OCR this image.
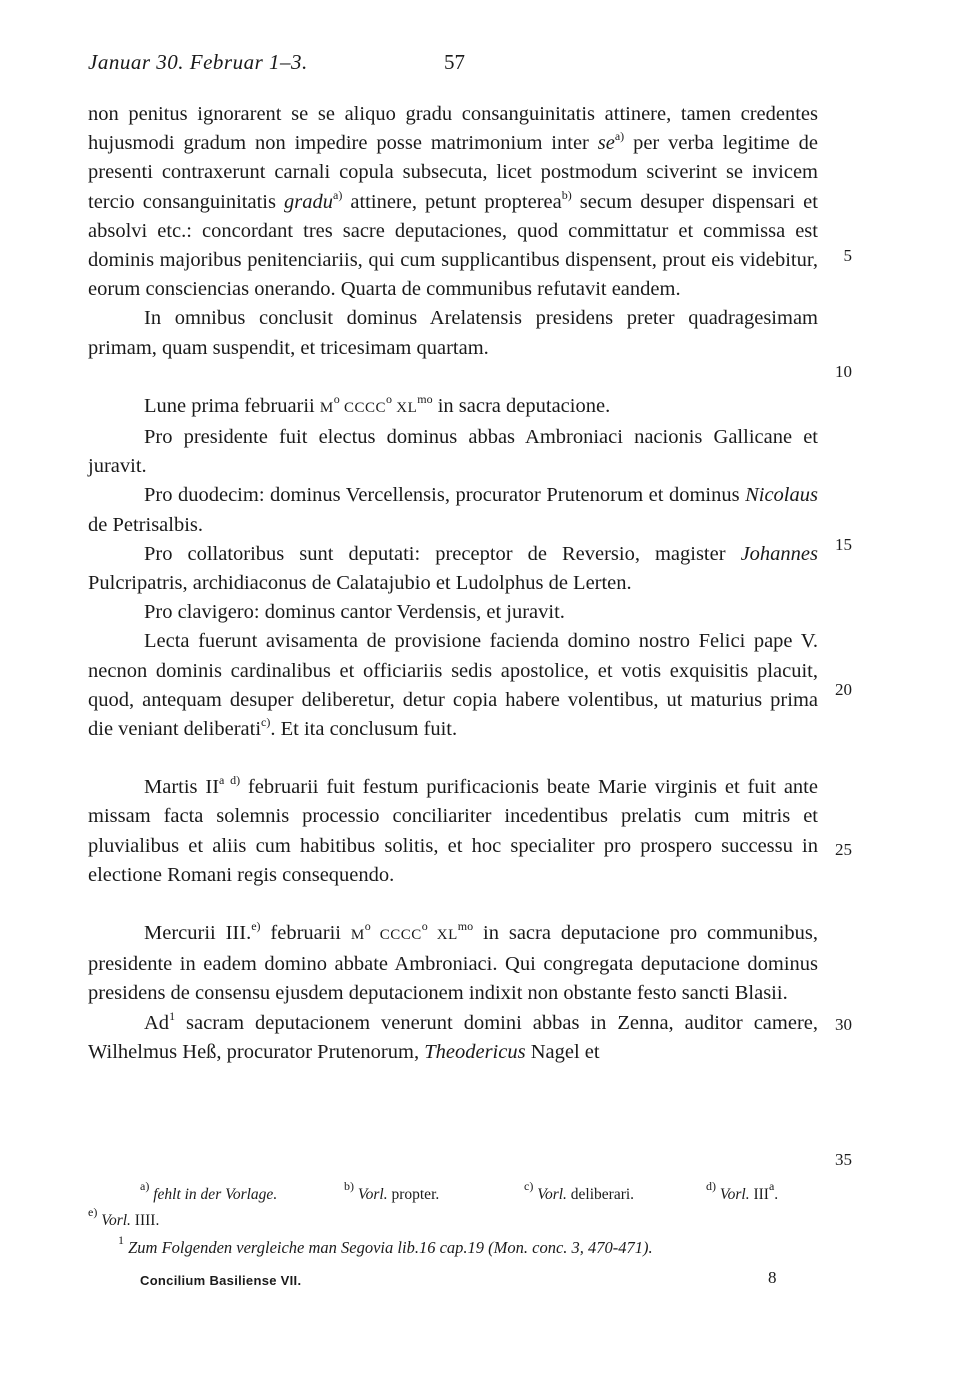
Januar 30. Februar 1–3.	57

non penitus ignorarent se se aliquo gradu consanguinitatis attinere, tamen credentes hujusmodi gradum non impedire posse matrimonium inter $se^{a)}$ per verba legitime de presenti contraxerunt carnali copula subsecuta, licet postmodum sciverint se invicem tercio consanguinitatis gradu$^{a)}$ attinere, petunt propterea$^{b)}$ secum desuper dispensari et absolvi etc.: concordant tres sacre deputaciones, quod committatur et commissa est dominis majoribus penitenciariis, qui cum supplicantibus dispensent, prout eis videbitur, eorum consciencias onerando. Quarta de communibus refutavit eandem.

In omnibus conclusit dominus Arelatensis presidens preter quadragesimam primam, quam suspendit, et tricesimam quartam.

Lune prima februarii $M^o$ CCCC$^o$ $XL^{mo}$ in sacra deputacione.

Pro presidente fuit electus dominus abbas Ambroniaci nacionis Gallicane et juravit.

Pro duodecim: dominus Vercellensis, procurator Prutenorum et dominus Nicolaus de Petrisalbis.

Pro collatoribus sunt deputati: preceptor de Reversio, magister Johannes Pulcripatris, archidiaconus de Calatajubio et Ludolphus de Lerten.

Pro clavigero: dominus cantor Verdensis, et juravit.

Lecta fuerunt avisamenta de provisione facienda domino nostro Felici pape V. necnon dominis cardinalibus et officiariis sedis apostolice, et votis exquisitis placuit, quod, antequam desuper deliberetur, detur copia habere volentibus, ut maturius prima die veniant deliberati$^{c)}$. Et ita conclusum fuit.

Martis $II^{a d)}$ februarii fuit festum purificacionis beate Marie virginis et fuit ante missam facta solemnis processio conciliariter incedentibus prelatis cum mitris et pluvialibus et aliis cum habitibus solitis, et hoc specialiter pro prospero successu in electione Romani regis consequendo.

Mercurii III.$^{e)}$ februarii $M^o$ CCCC$^o$ $XL^{mo}$ in sacra deputacione pro communibus, presidente in eadem domino abbate Ambroniaci. Qui congregata deputacione dominus presidens de consensu ejusdem deputacionem indixit non obstante festo sancti Blasii.

Ad$^1$ sacram deputacionem venerunt domini abbas in Zenna, auditor camere, Wilhelmus Heß, procurator Prutenorum, Theodericus Nagel et

5
10
15
20
25
30
35
$^{a)}$ fehlt in der Vorlage.	$^{b)}$ Vorl. propter.	$^{c)}$ Vorl. deliberari.	$^{d)}$ Vorl. III$^a$.
$^{e)}$ Vorl. IIII.
$^1$ Zum Folgenden vergleiche man Segovia lib.16 cap.19 (Mon. conc. 3, 470-471).
Concilium Basiliense VII.	8
